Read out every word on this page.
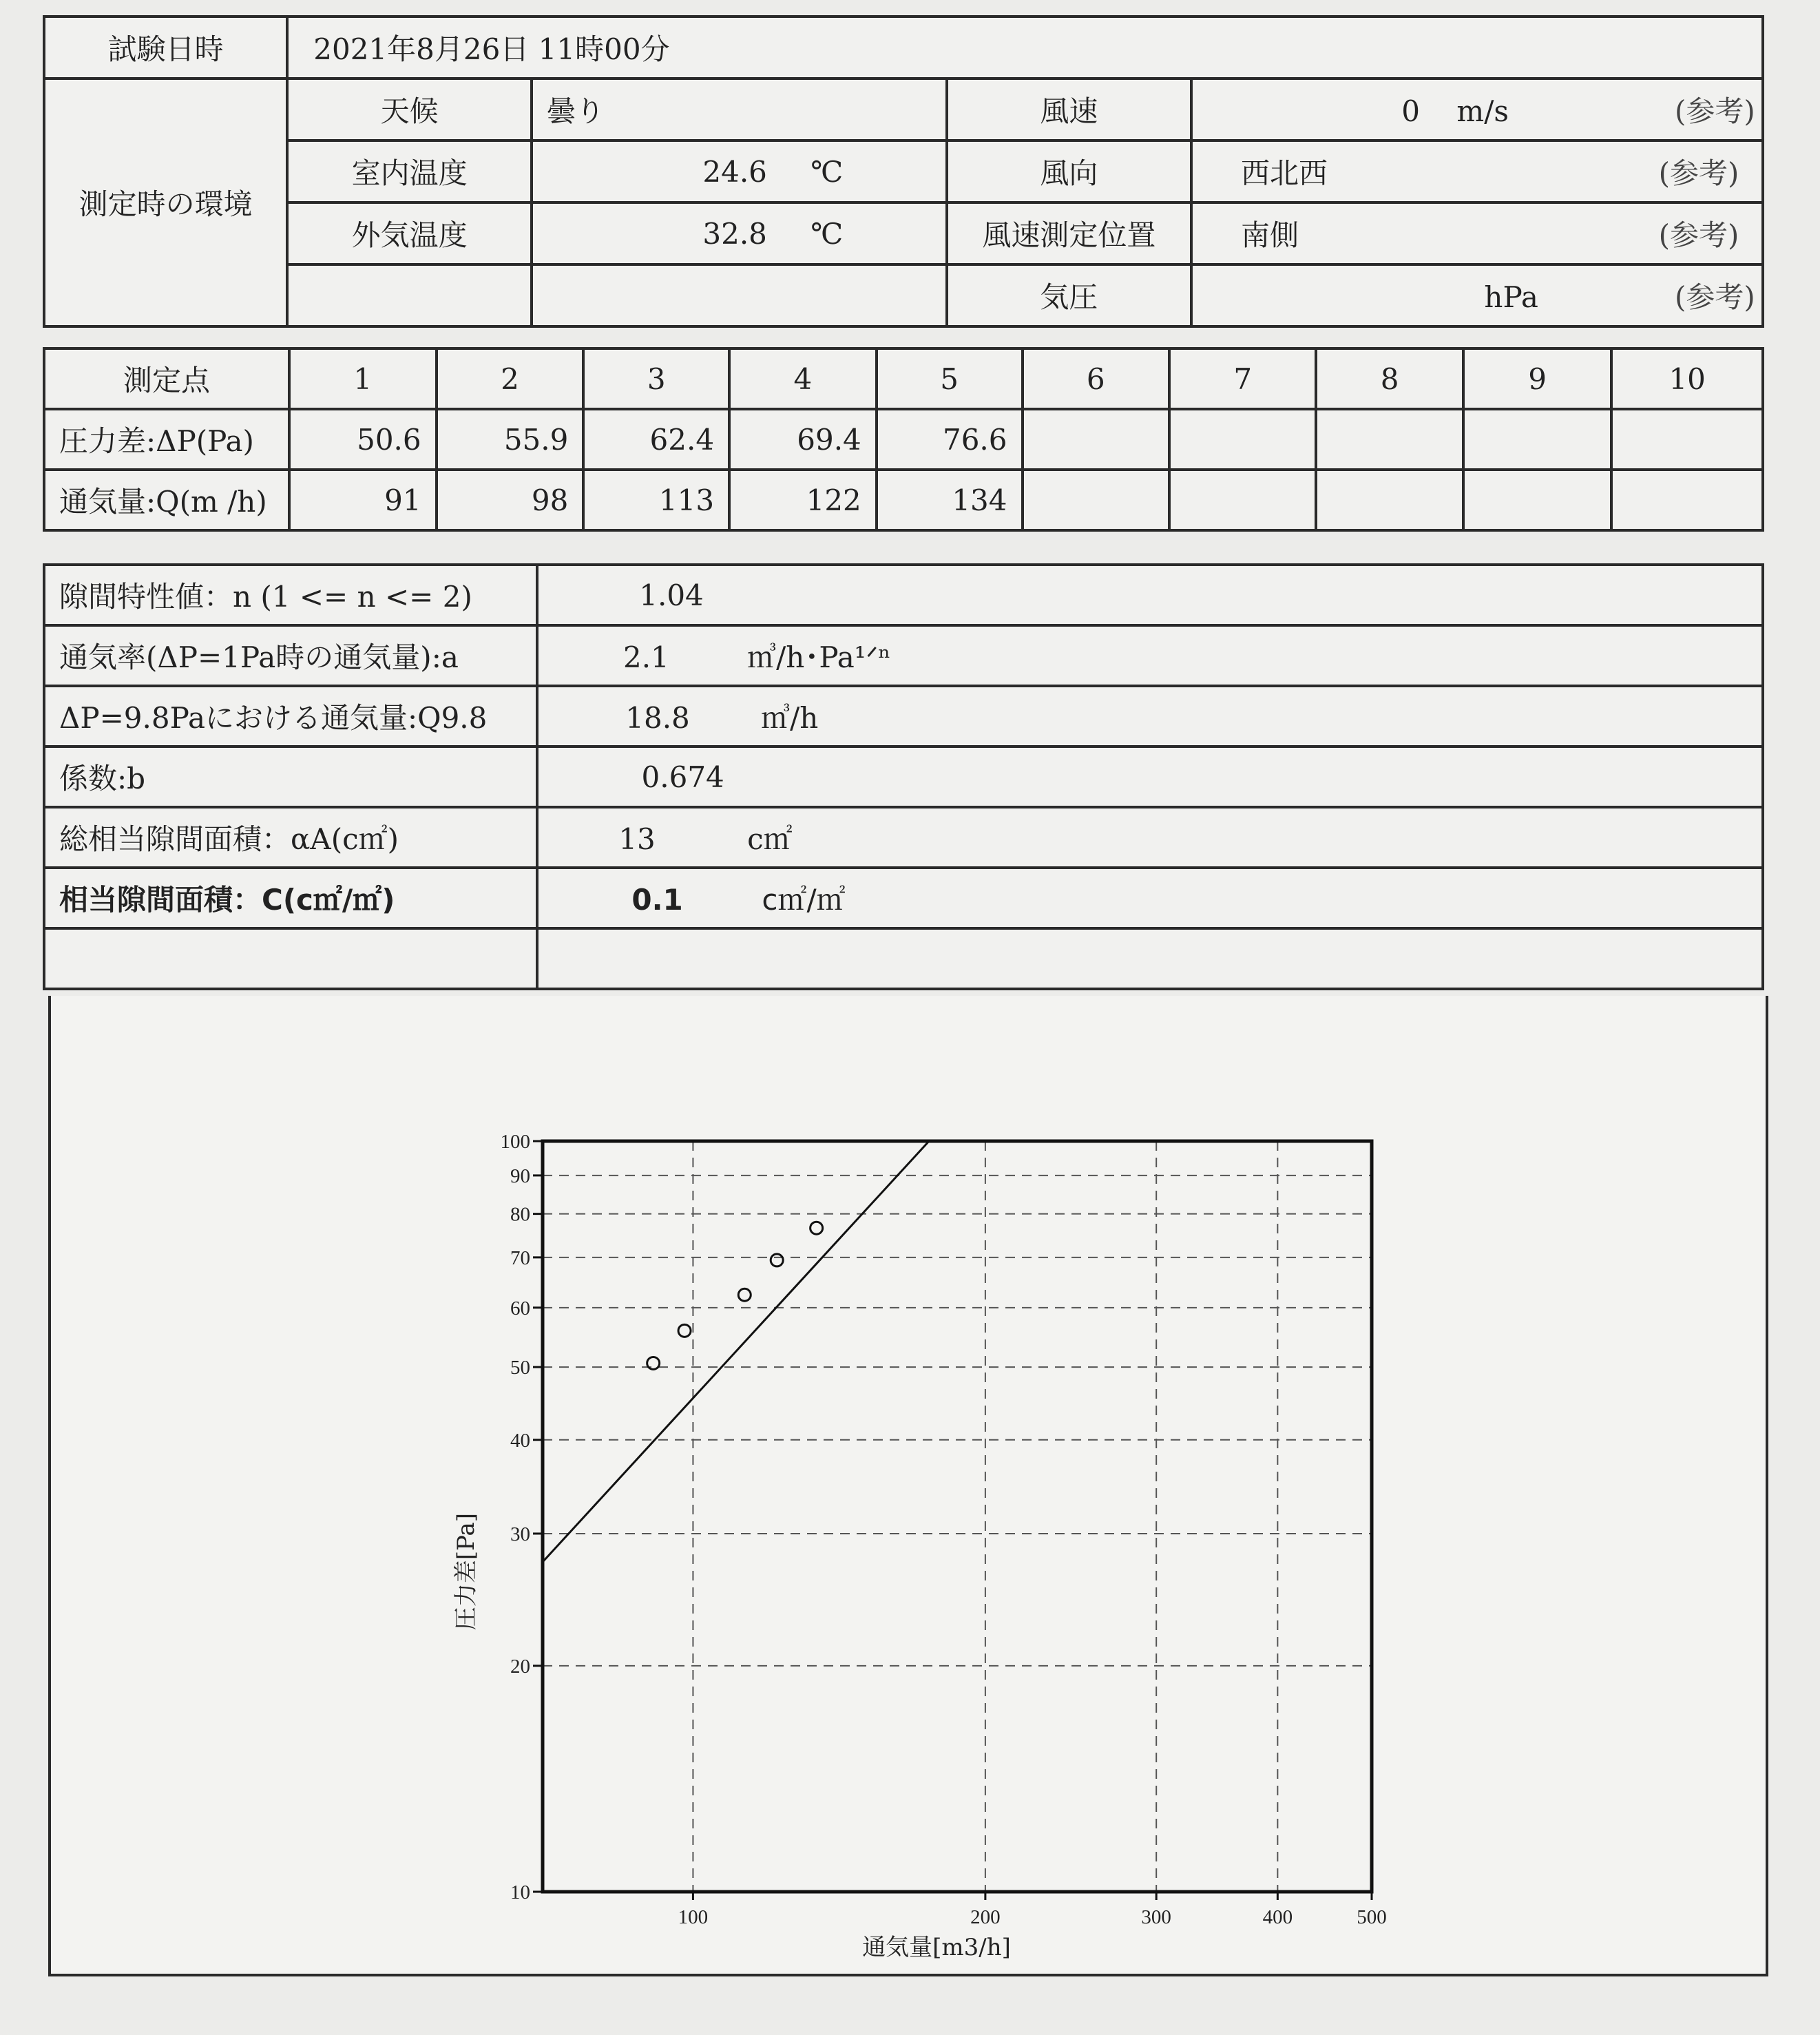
試験日時	2021年8月26日 11時00分			
測定時の環境	天候	曇り	風速	0 m/s (参考)
	室内温度	24.6 ℃	風向	西北西 (参考)
	外気温度	32.8 ℃	風速測定位置	南側 (参考)
			気圧	hPa (参考)
測定点	1	2	3	4	5	6	7	8	9	10
圧力差:ΔP(Pa)	50.6	55.9	62.4	69.4	76.6					
通気量:Q(m /h)	91	98	113	122	134					
隙間特性値：n (1 <= n <= 2)	1.04
通気率(ΔP=1Pa時の通気量):a	2.1 ㎥/h･Pa¹ᐟⁿ
ΔP=9.8Paにおける通気量:Q9.8	18.8 ㎥/h
係数:b	0.674
総相当隙間面積：αA(c㎡)	13 c㎡
相当隙間面積：C(c㎡/㎡)	0.1 c㎡/㎡

10
20
30
40
50
60
70
80
90
100
100	200	300	400	500
通気量[m3/h]
圧力差[Pa]
